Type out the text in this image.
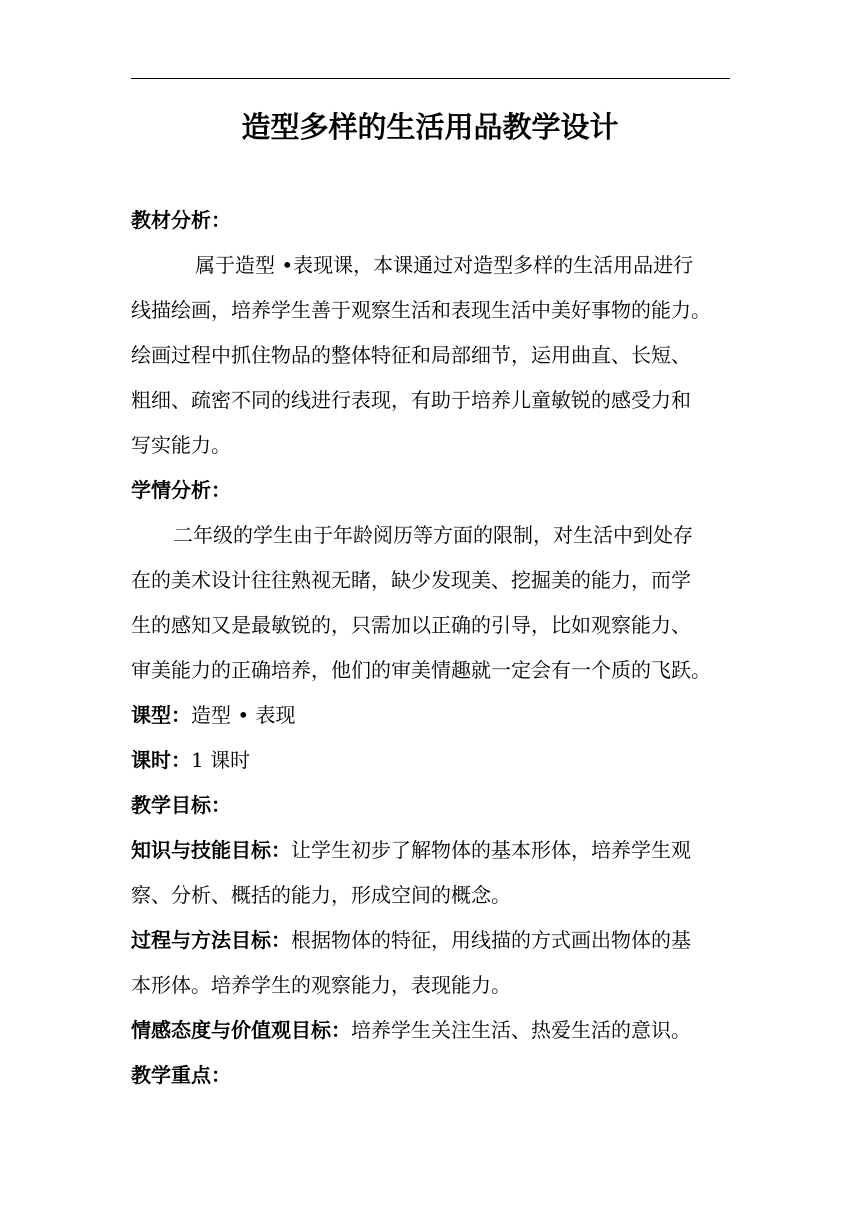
造型多样的生活用品教学设计
教材分析：
属于造型 •表现课，本课通过对造型多样的生活用品进行
线描绘画，培养学生善于观察生活和表现生活中美好事物的能力。
绘画过程中抓住物品的整体特征和局部细节，运用曲直、长短、
粗细、疏密不同的线进行表现，有助于培养儿童敏锐的感受力和
写实能力。
学情分析：
二年级的学生由于年龄阅历等方面的限制，对生活中到处存
在的美术设计往往熟视无睹，缺少发现美、挖掘美的能力，而学
生的感知又是最敏锐的，只需加以正确的引导，比如观察能力、
审美能力的正确培养，他们的审美情趣就一定会有一个质的飞跃。
课型：造型 • 表现
课时：1 课时
教学目标：
知识与技能目标：让学生初步了解物体的基本形体，培养学生观
察、分析、概括的能力，形成空间的概念。
过程与方法目标：根据物体的特征，用线描的方式画出物体的基
本形体。培养学生的观察能力，表现能力。
情感态度与价值观目标：培养学生关注生活、热爱生活的意识。
教学重点：
